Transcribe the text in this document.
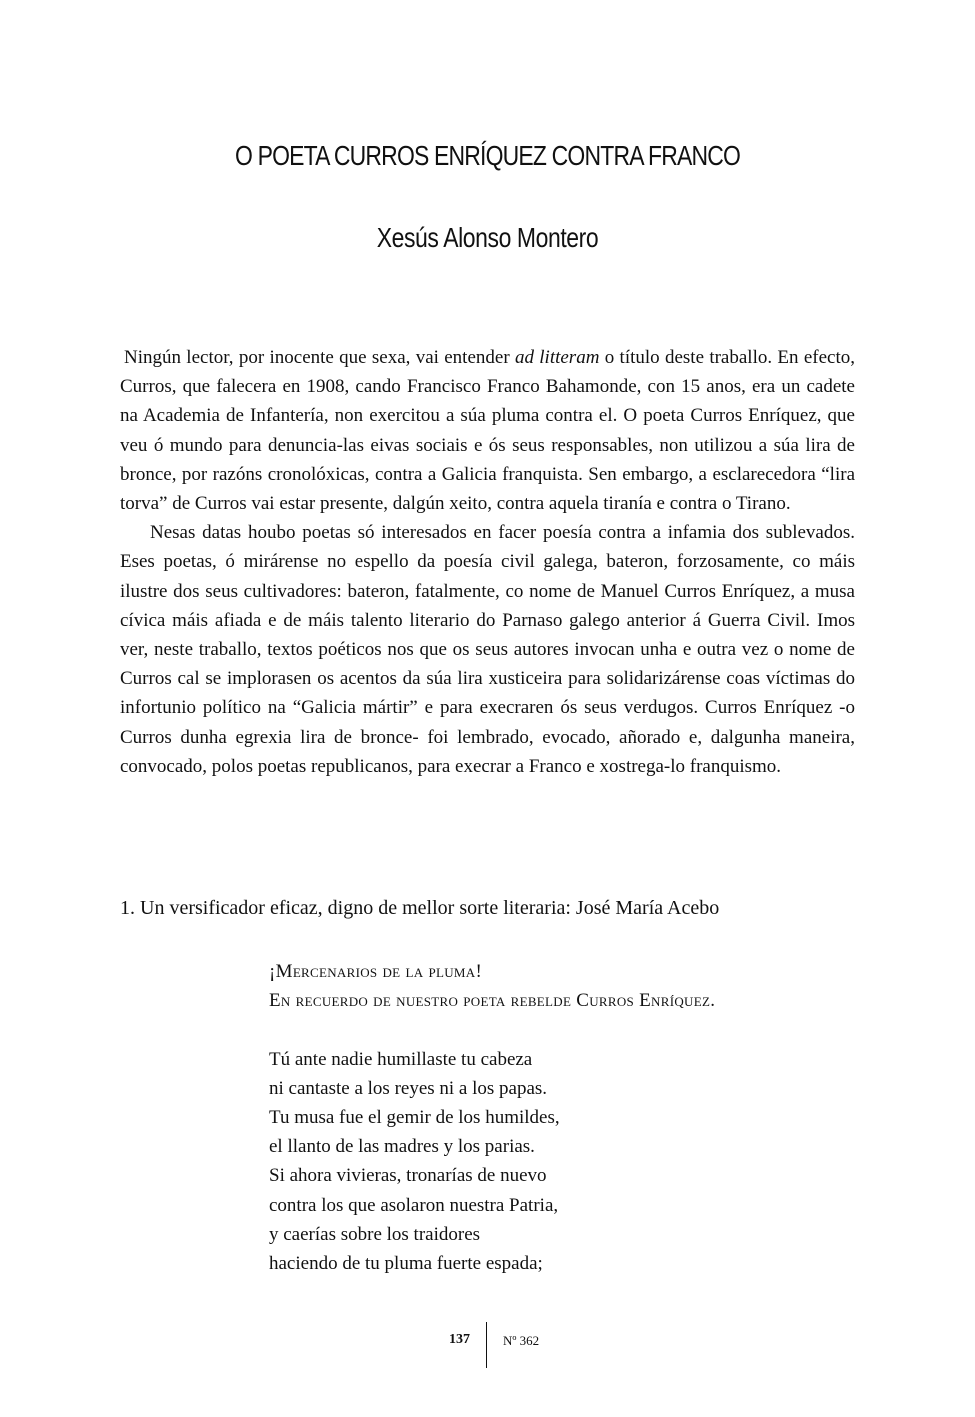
O POETA CURROS ENRÍQUEZ CONTRA FRANCO
Xesús Alonso Montero

Ningún lector, por inocente que sexa, vai entender ad litteram o título deste traballo. En efecto, Curros, que falecera en 1908, cando Francisco Franco Bahamonde, con 15 anos, era un cadete na Academia de Infantería, non exercitou a súa pluma contra el. O poeta Curros Enríquez, que veu ó mundo para denuncia-las eivas sociais e ós seus responsables, non utilizou a súa lira de bronce, por razóns cronolóxicas, contra a Galicia franquista. Sen embargo, a esclarecedora “lira torva” de Curros vai estar presente, dalgún xeito, contra aquela tiranía e contra o Tirano.

Nesas datas houbo poetas só interesados en facer poesía contra a infamia dos sublevados. Eses poetas, ó mirárense no espello da poesía civil galega, bateron, forzosamente, co máis ilustre dos seus cultivadores: bateron, fatalmente, co nome de Manuel Curros Enríquez, a musa cívica máis afiada e de máis talento literario do Parnaso galego anterior á Guerra Civil. Imos ver, neste traballo, textos poéticos nos que os seus autores invocan unha e outra vez o nome de Curros cal se implorasen os acentos da súa lira xusticeira para solidarizárense coas víctimas do infortunio político na “Galicia mártir” e para execraren ós seus verdugos. Curros Enríquez -o Curros dunha egrexia lira de bronce- foi lembrado, evocado, añorado e, dalgunha maneira, convocado, polos poetas republicanos, para execrar a Franco e xostrega-lo franquismo.

1. Un versificador eficaz, digno de mellor sorte literaria: José María Acebo
¡Mercenarios de la pluma!
En recuerdo de nuestro poeta rebelde Curros Enríquez.
Tú ante nadie humillaste tu cabeza
ni cantaste a los reyes ni a los papas.
Tu musa fue el gemir de los humildes,
el llanto de las madres y los parias.
Si ahora vivieras, tronarías de nuevo
contra los que asolaron nuestra Patria,
y caerías sobre los traidores
haciendo de tu pluma fuerte espada;
137	Nº 362
